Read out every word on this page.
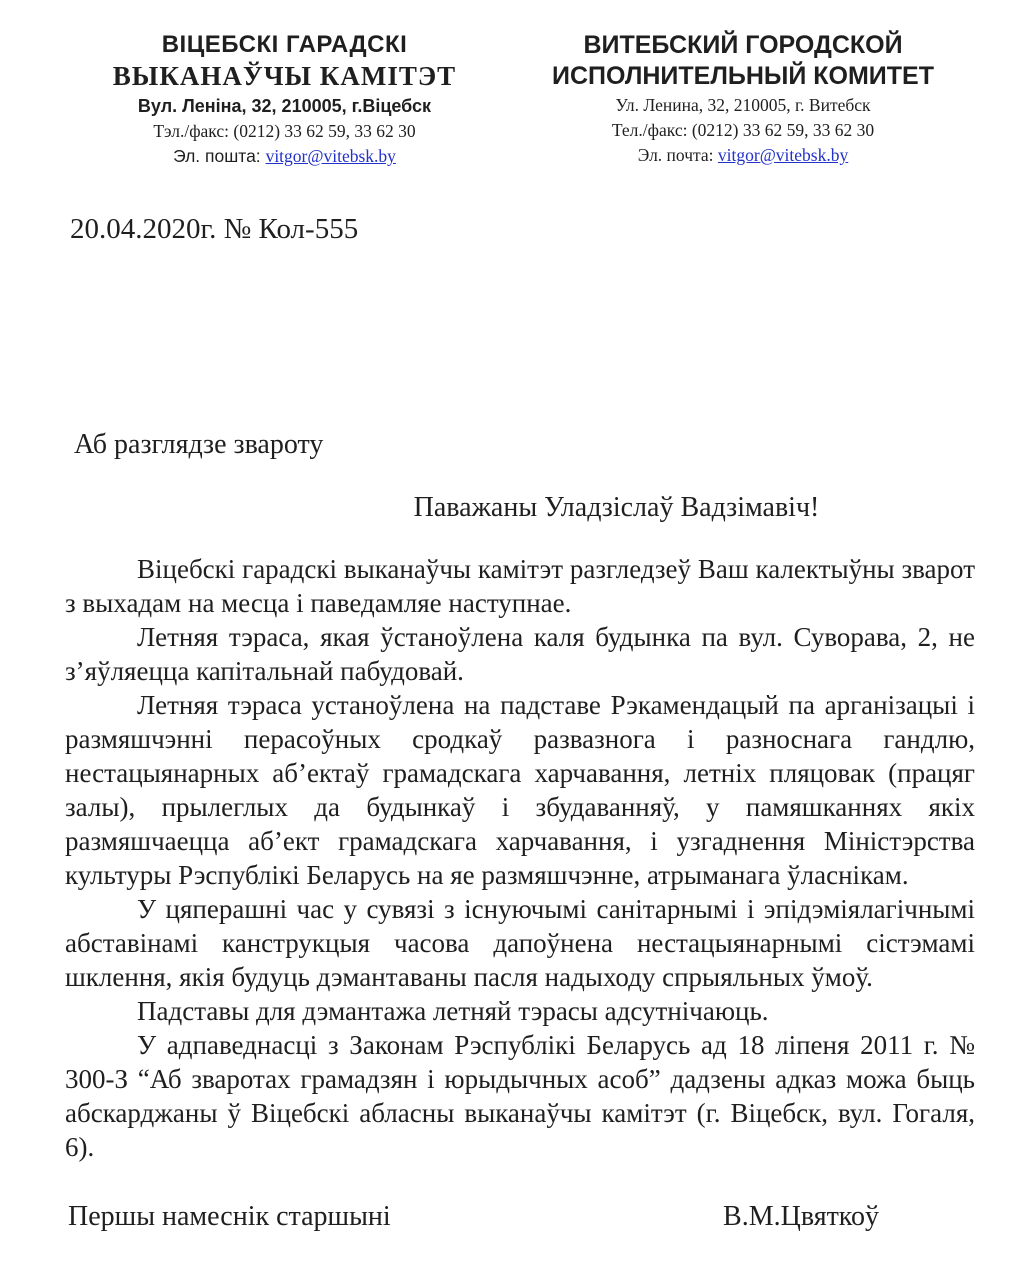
ВІЦЕБСКІ ГАРАДСКІ
ВЫКАНАЎЧЫ КАМІТЭТ
Вул. Леніна, 32, 210005, г.Віцебск
Тэл./факс: (0212) 33 62 59, 33 62 30
Эл. пошта: vitgor@vitebsk.by
ВИТЕБСКИЙ ГОРОДСКОЙ
ИСПОЛНИТЕЛЬНЫЙ КОМИТЕТ
Ул. Ленина, 32, 210005, г. Витебск
Тел./факс: (0212) 33 62 59, 33 62 30
Эл. почта: vitgor@vitebsk.by
20.04.2020г. № Кол-555
Аб разглядзе звароту
Паважаны Уладзіслаў Вадзімавіч!

Віцебскі гарадскі выканаўчы камітэт разгледзеў Ваш калектыўны зварот з выхадам на месца і паведамляе наступнае.

Летняя тэраса, якая ўстаноўлена каля будынка па вул. Суворава, 2, не з’яўляецца капітальнай пабудовай.

Летняя тэраса устаноўлена на падставе Рэкамендацый па арганізацыі і размяшчэнні перасоўных сродкаў развазнога і разноснага гандлю, нестацыянарных аб’ектаў грамадскага харчавання, летніх пляцовак (працяг залы), прылеглых да будынкаў і збудаванняў, у памяшканнях якіх размяшчаецца аб’ект грамадскага харчавання, і узгаднення Міністэрства культуры Рэспублікі Беларусь на яе размяшчэнне, атрыманага ўласнікам.

У цяперашні час у сувязі з існуючымі санітарнымі і эпідэміялагічнымі абставінамі канструкцыя часова дапоўнена нестацыянарнымі сістэмамі шклення, якія будуць дэмантаваны пасля надыходу спрыяльных ўмоў.

Падставы для дэмантажа летняй тэрасы адсутнічаюць.

У адпаведнасці з Законам Рэспублікі Беларусь ад 18 ліпеня 2011 г. № 300-З “Аб зваротах грамадзян і юрыдычных асоб” дадзены адказ можа быць абскарджаны ў Віцебскі абласны выканаўчы камітэт (г. Віцебск, вул. Гогаля, 6).

Першы намеснік старшыні	В.М.Цвяткоў
